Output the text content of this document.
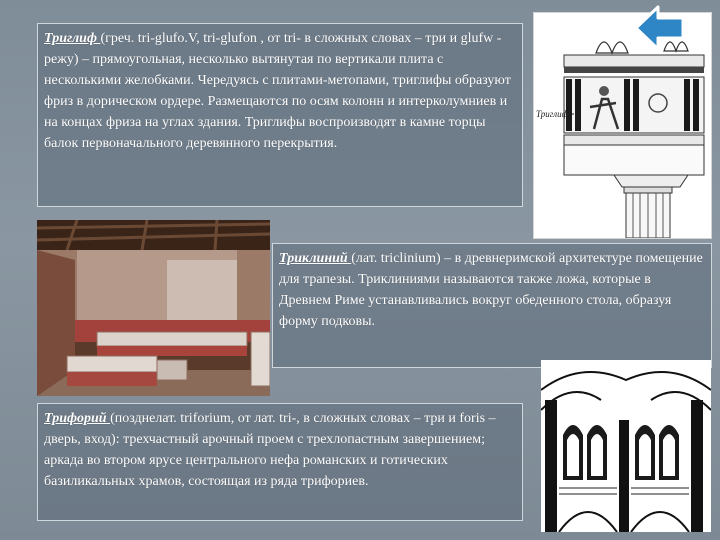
Триглиф (греч. tri-glufo.V, tri-glufon , от tri- в сложных словах – три и glufw - режу) – прямоугольная, несколько вытянутая по вертикали плита с несколькими желобками. Чередуясь с плитами-метопами, триглифы образуют фриз в дорическом ордере. Размещаются по осям колонн и интерколумниев и на концах фриза на углах здания. Триглифы воспроизводят в камне торцы балок первоначального деревянного перекрытия.
Триглиф
Триклиний (лат. triclinium) – в древнеримской архитектуре помещение для трапезы. Триклиниями называются также ложа, которые в Древнем Риме устанавливались вокруг обеденного стола, образуя форму подковы.
Трифорий (позднелат. triforium, от лат. tri-, в сложных словах – три и foris – дверь, вход): трехчастный арочный проем с трехлопастным завершением; аркада во втором ярусе центрального нефа романских и готических базиликальных храмов, состоящая из ряда трифориев.
